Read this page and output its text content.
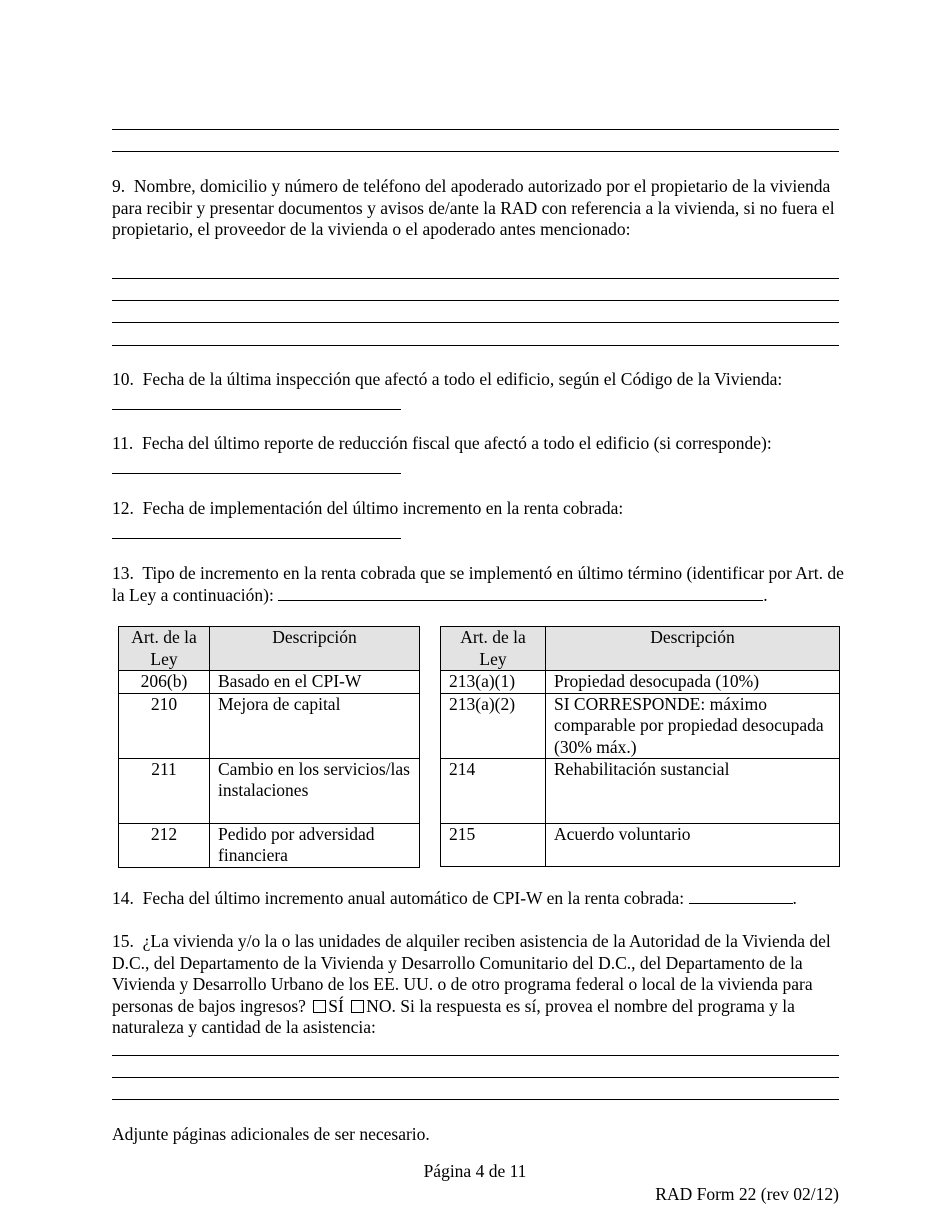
9. Nombre, domicilio y número de teléfono del apoderado autorizado por el propietario de la vivienda para recibir y presentar documentos y avisos de/ante la RAD con referencia a la vivienda, si no fuera el propietario, el proveedor de la vivienda o el apoderado antes mencionado:
10. Fecha de la última inspección que afectó a todo el edificio, según el Código de la Vivienda:
11. Fecha del último reporte de reducción fiscal que afectó a todo el edificio (si corresponde):
12. Fecha de implementación del último incremento en la renta cobrada:
13. Tipo de incremento en la renta cobrada que se implementó en último término (identificar por Art. de la Ley a continuación):	.
Art. de la Ley	Descripción
206(b)	Basado en el CPI-W
210	Mejora de capital
211	Cambio en los servicios/las instalaciones
212	Pedido por adversidad financiera
Art. de la Ley	Descripción
213(a)(1)	Propiedad desocupada (10%)
213(a)(2)	SI CORRESPONDE: máximo comparable por propiedad desocupada (30% máx.)
214	Rehabilitación sustancial
215	Acuerdo voluntario
14. Fecha del último incremento anual automático de CPI-W en la renta cobrada:	.
15. ¿La vivienda y/o la o las unidades de alquiler reciben asistencia de la Autoridad de la Vivienda del D.C., del Departamento de la Vivienda y Desarrollo Comunitario del D.C., del Departamento de la Vivienda y Desarrollo Urbano de los EE. UU. o de otro programa federal o local de la vivienda para personas de bajos ingresos? SÍ NO. Si la respuesta es sí, provea el nombre del programa y la naturaleza y cantidad de la asistencia:
Adjunte páginas adicionales de ser necesario.
Página 4 de 11
RAD Form 22 (rev 02/12)
